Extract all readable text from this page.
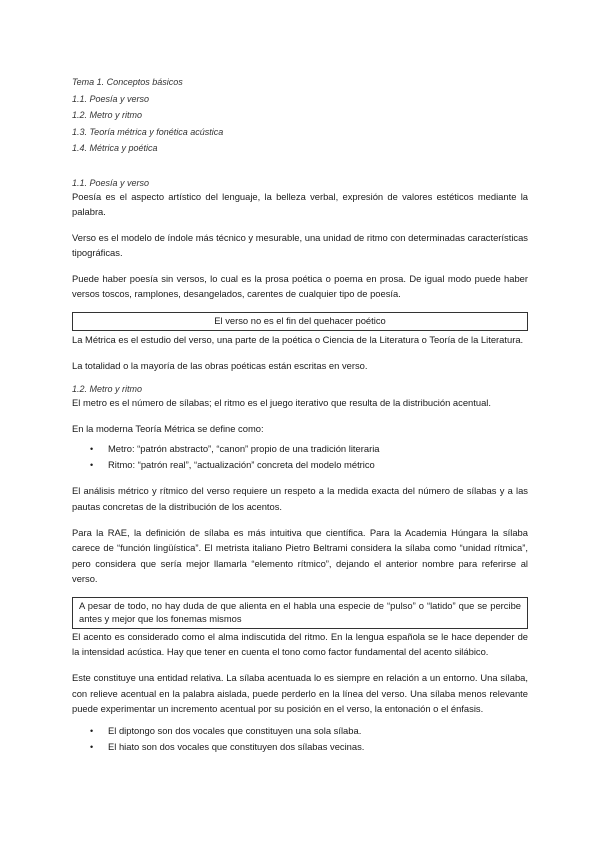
Tema 1. Conceptos básicos
1.1. Poesía y verso
1.2. Metro y ritmo
1.3. Teoría métrica y fonética acústica
1.4. Métrica y poética
1.1. Poesía y verso

Poesía es el aspecto artístico del lenguaje, la belleza verbal, expresión de valores estéticos mediante la palabra.

Verso es el modelo de índole más técnico y mesurable, una unidad de ritmo con determinadas características tipográficas.

Puede haber poesía sin versos, lo cual es la prosa poética o poema en prosa. De igual modo puede haber versos toscos, ramplones, desangelados, carentes de cualquier tipo de poesía.

El verso no es el fin del quehacer poético

La Métrica es el estudio del verso, una parte de la poética o Ciencia de la Literatura o Teoría de la Literatura.

La totalidad o la mayoría de las obras poéticas están escritas en verso.

1.2. Metro y ritmo

El metro es el número de sílabas; el ritmo es el juego iterativo que resulta de la distribución acentual.

En la moderna Teoría Métrica se define como:

• Metro: “patrón abstracto”, “canon” propio de una tradición literaria
• Ritmo: “patrón real”, “actualización” concreta del modelo métrico

El análisis métrico y rítmico del verso requiere un respeto a la medida exacta del número de sílabas y a las pautas concretas de la distribución de los acentos.

Para la RAE, la definición de sílaba es más intuitiva que científica. Para la Academia Húngara la sílaba carece de “función lingüística”. El metrista italiano Pietro Beltrami considera la sílaba como “unidad rítmica”, pero considera que sería mejor llamarla “elemento rítmico”, dejando el anterior nombre para referirse al verso.

A pesar de todo, no hay duda de que alienta en el habla una especie de “pulso” o “latido” que se percibe antes y mejor que los fonemas mismos

El acento es considerado como el alma indiscutida del ritmo. En la lengua española se le hace depender de la intensidad acústica. Hay que tener en cuenta el tono como factor fundamental del acento silábico.

Este constituye una entidad relativa. La sílaba acentuada lo es siempre en relación a un entorno. Una sílaba, con relieve acentual en la palabra aislada, puede perderlo en la línea del verso. Una sílaba menos relevante puede experimentar un incremento acentual por su posición en el verso, la entonación o el énfasis.

• El diptongo son dos vocales que constituyen una sola sílaba.
• El hiato son dos vocales que constituyen dos sílabas vecinas.
